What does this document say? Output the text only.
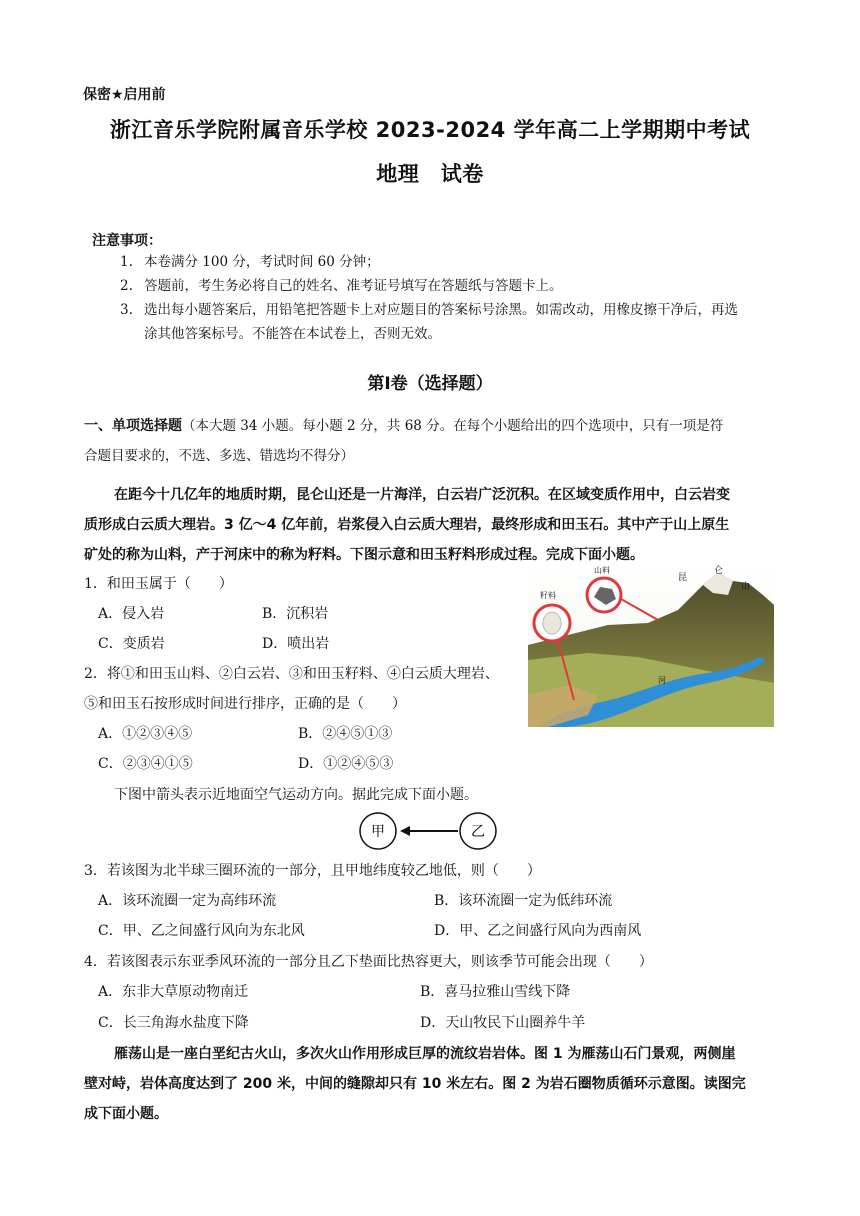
保密★启用前
浙江音乐学院附属音乐学校 2023-2024 学年高二上学期期中考试
地理　试卷
注意事项：
1. 本卷满分 100 分，考试时间 60 分钟；
2. 答题前，考生务必将自己的姓名、准考证号填写在答题纸与答题卡上。
3. 选出每小题答案后，用铅笔把答题卡上对应题目的答案标号涂黑。如需改动，用橡皮擦干净后，再选
涂其他答案标号。不能答在本试卷上，否则无效。
第Ⅰ卷（选择题）
一、单项选择题（本大题 34 小题。每小题 2 分，共 68 分。在每个小题给出的四个选项中，只有一项是符
合题目要求的，不选、多选、错选均不得分）
在距今十几亿年的地质时期，昆仑山还是一片海洋，白云岩广泛沉积。在区域变质作用中，白云岩变
质形成白云质大理岩。3 亿～4 亿年前，岩浆侵入白云质大理岩，最终形成和田玉石。其中产于山上原生
矿处的称为山料，产于河床中的称为籽料。下图示意和田玉籽料形成过程。完成下面小题。
籽料
山料
昆
仑
山
河
1．和田玉属于（　　）
A．侵入岩	B．沉积岩
C．变质岩	D．喷出岩
2．将①和田玉山料、②白云岩、③和田玉籽料、④白云质大理岩、
⑤和田玉石按形成时间进行排序，正确的是（　　）
A．①②③④⑤	B．②④⑤①③
C．②③④①⑤	D．①②④⑤③
下图中箭头表示近地面空气运动方向。据此完成下面小题。
甲	乙
3．若该图为北半球三圈环流的一部分，且甲地纬度较乙地低，则（　　）
A．该环流圈一定为高纬环流	B．该环流圈一定为低纬环流
C．甲、乙之间盛行风向为东北风	D．甲、乙之间盛行风向为西南风
4．若该图表示东亚季风环流的一部分且乙下垫面比热容更大，则该季节可能会出现（　　）
A．东非大草原动物南迁	B．喜马拉雅山雪线下降
C．长三角海水盐度下降	D．天山牧民下山圈养牛羊
雁荡山是一座白垩纪古火山，多次火山作用形成巨厚的流纹岩岩体。图 1 为雁荡山石门景观，两侧崖
壁对峙，岩体高度达到了 200 米，中间的缝隙却只有 10 米左右。图 2 为岩石圈物质循环示意图。读图完
成下面小题。
